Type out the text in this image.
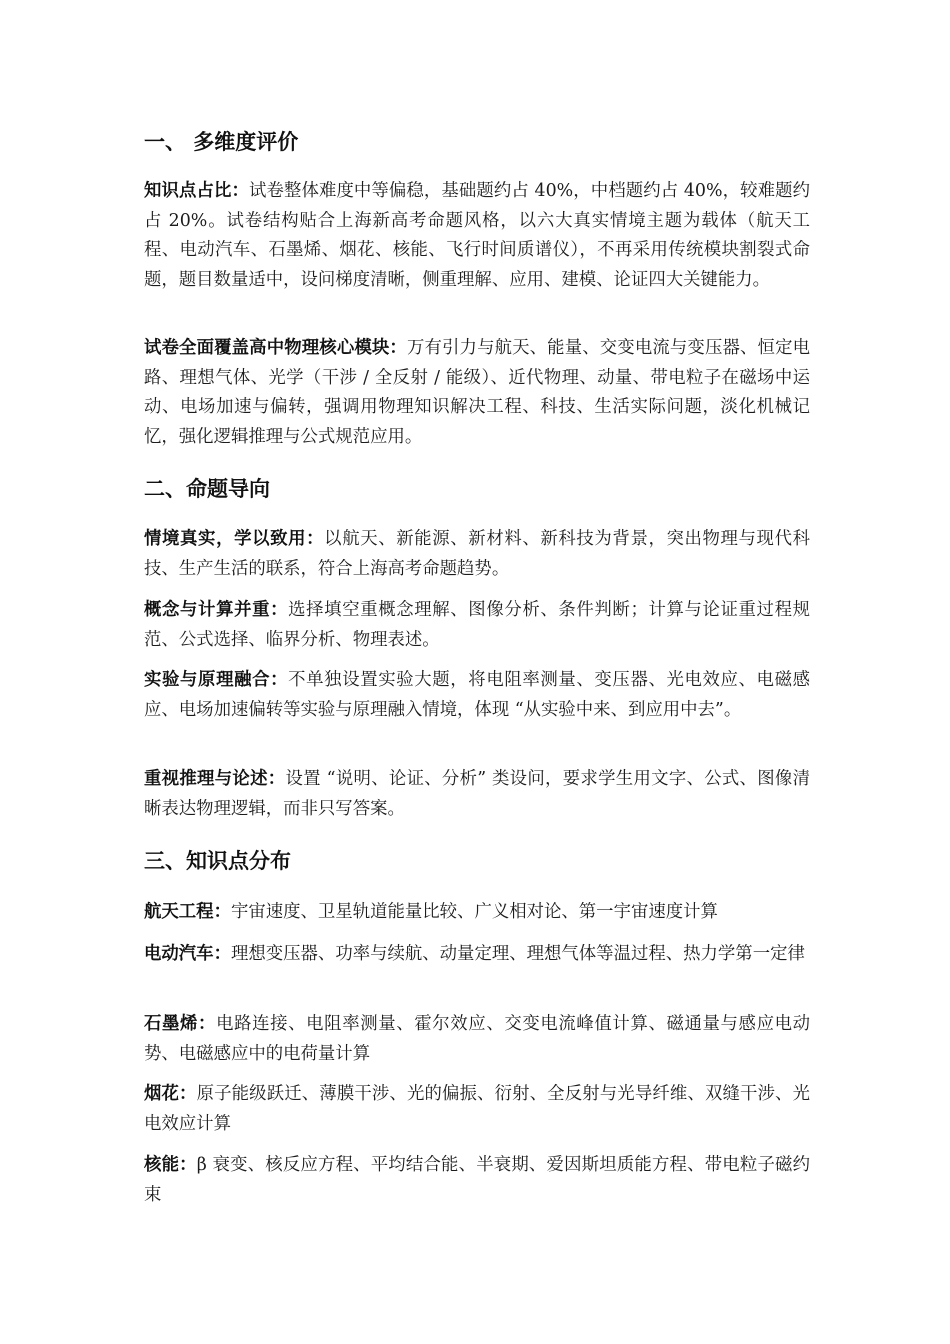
一、 多维度评价

知识点占比：试卷整体难度中等偏稳，基础题约占 40%，中档题约占 40%，较难题约占 20%。试卷结构贴合上海新高考命题风格，以六大真实情境主题为载体（航天工程、电动汽车、石墨烯、烟花、核能、飞行时间质谱仪），不再采用传统模块割裂式命题，题目数量适中，设问梯度清晰，侧重理解、应用、建模、论证四大关键能力。

试卷全面覆盖高中物理核心模块：万有引力与航天、能量、交变电流与变压器、恒定电路、理想气体、光学（干涉 / 全反射 / 能级）、近代物理、动量、带电粒子在磁场中运动、电场加速与偏转，强调用物理知识解决工程、科技、生活实际问题，淡化机械记忆，强化逻辑推理与公式规范应用。

二、命题导向

情境真实，学以致用：以航天、新能源、新材料、新科技为背景，突出物理与现代科技、生产生活的联系，符合上海高考命题趋势。

概念与计算并重：选择填空重概念理解、图像分析、条件判断；计算与论证重过程规范、公式选择、临界分析、物理表述。

实验与原理融合：不单独设置实验大题，将电阻率测量、变压器、光电效应、电磁感应、电场加速偏转等实验与原理融入情境，体现 “从实验中来、到应用中去”。

重视推理与论述：设置 “说明、论证、分析” 类设问，要求学生用文字、公式、图像清晰表达物理逻辑，而非只写答案。

三、知识点分布

航天工程：宇宙速度、卫星轨道能量比较、广义相对论、第一宇宙速度计算

电动汽车：理想变压器、功率与续航、动量定理、理想气体等温过程、热力学第一定律

石墨烯：电路连接、电阻率测量、霍尔效应、交变电流峰值计算、磁通量与感应电动势、电磁感应中的电荷量计算

烟花：原子能级跃迁、薄膜干涉、光的偏振、衍射、全反射与光导纤维、双缝干涉、光电效应计算

核能：β 衰变、核反应方程、平均结合能、半衰期、爱因斯坦质能方程、带电粒子磁约束
